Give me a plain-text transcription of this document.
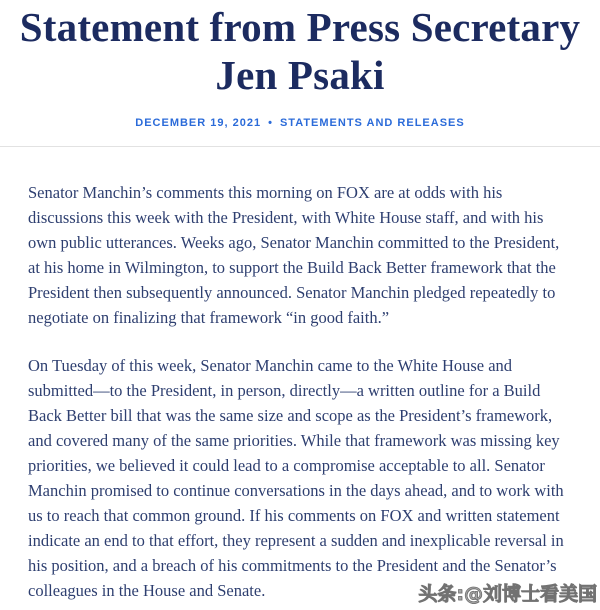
Statement from Press Secretary
Jen Psaki
DECEMBER 19, 2021 • STATEMENTS AND RELEASES

Senator Manchin’s comments this morning on FOX are at odds with his discussions this week with the President, with White House staff, and with his own public utterances. Weeks ago, Senator Manchin committed to the President, at his home in Wilmington, to support the Build Back Better framework that the President then subsequently announced. Senator Manchin pledged repeatedly to negotiate on finalizing that framework “in good faith.”

On Tuesday of this week, Senator Manchin came to the White House and submitted—to the President, in person, directly—a written outline for a Build Back Better bill that was the same size and scope as the President’s framework, and covered many of the same priorities. While that framework was missing key priorities, we believed it could lead to a compromise acceptable to all. Senator Manchin promised to continue conversations in the days ahead, and to work with us to reach that common ground. If his comments on FOX and written statement indicate an end to that effort, they represent a sudden and inexplicable reversal in his position, and a breach of his commitments to the President and the Senator’s colleagues in the House and Senate.	头条:@刘博士看美国
